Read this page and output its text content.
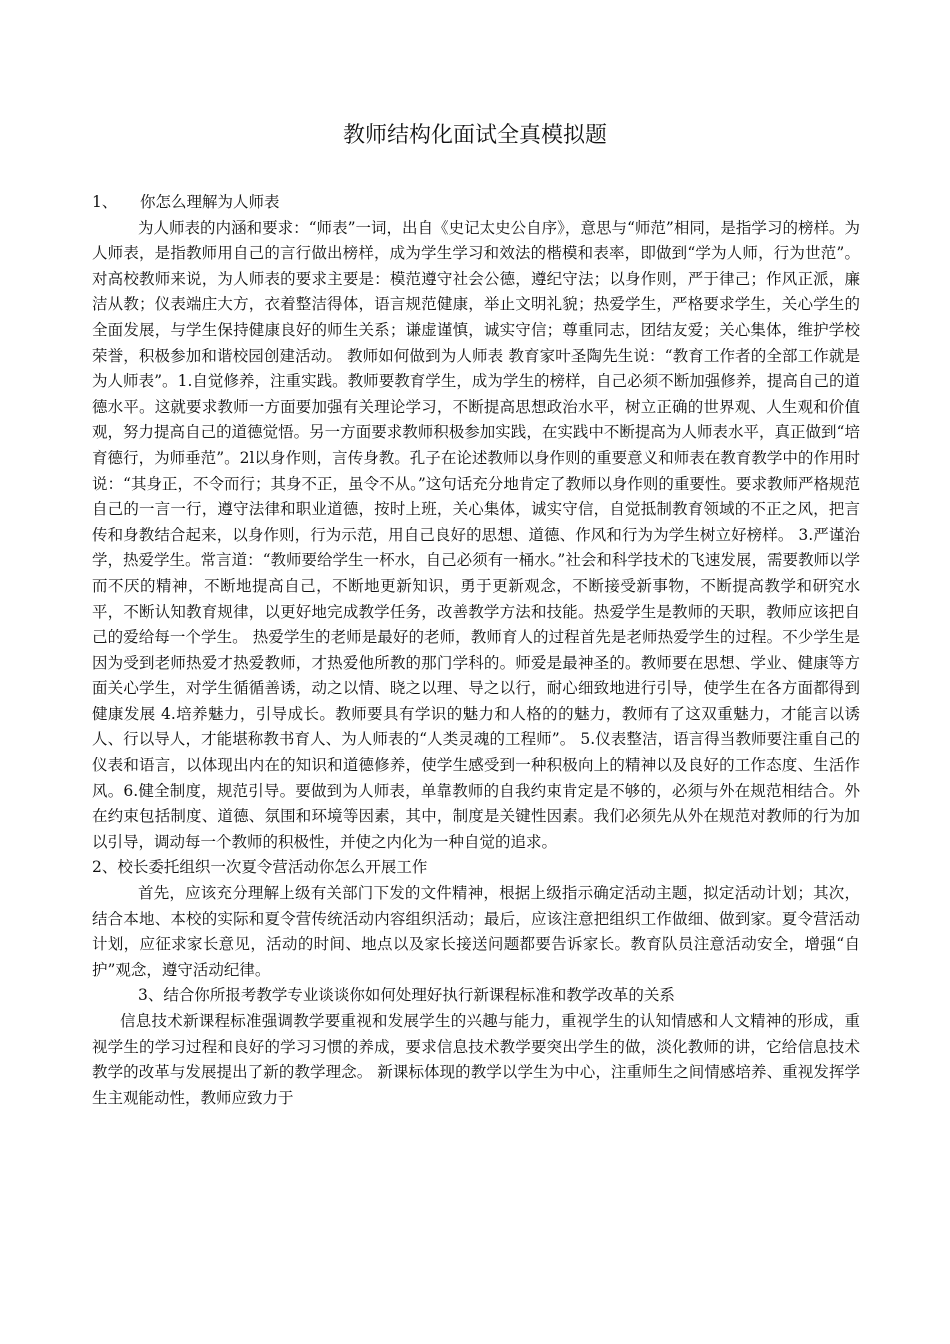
教师结构化面试全真模拟题

1、 你怎么理解为人师表

为人师表的内涵和要求：“师表”一词，出自《史记太史公自序》，意思与“师范”相同，是指学习的榜样。为人师表，是指教师用自己的言行做出榜样，成为学生学习和效法的楷模和表率，即做到“学为人师，行为世范”。对高校教师来说，为人师表的要求主要是：模范遵守社会公德，遵纪守法；以身作则，严于律己；作风正派，廉洁从教；仪表端庄大方，衣着整洁得体，语言规范健康，举止文明礼貌；热爱学生，严格要求学生，关心学生的全面发展，与学生保持健康良好的师生关系；谦虚谨慎，诚实守信；尊重同志，团结友爱；关心集体，维护学校荣誉，积极参加和谐校园创建活动。 教师如何做到为人师表 教育家叶圣陶先生说：“教育工作者的全部工作就是为人师表”。1.自觉修养，注重实践。教师要教育学生，成为学生的榜样，自己必须不断加强修养，提高自己的道德水平。这就要求教师一方面要加强有关理论学习，不断提高思想政治水平，树立正确的世界观、人生观和价值观，努力提高自己的道德觉悟。另一方面要求教师积极参加实践，在实践中不断提高为人师表水平，真正做到“培育德行，为师垂范”。2l以身作则，言传身教。孔子在论述教师以身作则的重要意义和师表在教育教学中的作用时说：“其身正，不令而行；其身不正，虽令不从。”这句话充分地肯定了教师以身作则的重要性。要求教师严格规范自己的一言一行，遵守法律和职业道德，按时上班，关心集体，诚实守信，自觉抵制教育领域的不正之风，把言传和身教结合起来，以身作则，行为示范，用自己良好的思想、道德、作风和行为为学生树立好榜样。 3.严谨治学，热爱学生。常言道：“教师要给学生一杯水，自己必须有一桶水。”社会和科学技术的飞速发展，需要教师以学而不厌的精神，不断地提高自己，不断地更新知识，勇于更新观念，不断接受新事物，不断提高教学和研究水平，不断认知教育规律，以更好地完成教学任务，改善教学方法和技能。热爱学生是教师的天职，教师应该把自己的爱给每一个学生。 热爱学生的老师是最好的老师，教师育人的过程首先是老师热爱学生的过程。不少学生是因为受到老师热爱才热爱教师，才热爱他所教的那门学科的。师爱是最神圣的。教师要在思想、学业、健康等方面关心学生，对学生循循善诱，动之以情、晓之以理、导之以行，耐心细致地进行引导，使学生在各方面都得到健康发展 4.培养魅力，引导成长。教师要具有学识的魅力和人格的的魅力，教师有了这双重魅力，才能言以诱人、行以导人，才能堪称教书育人、为人师表的“人类灵魂的工程师”。 5.仪表整洁，语言得当教师要注重自己的仪表和语言，以体现出内在的知识和道德修养，使学生感受到一种积极向上的精神以及良好的工作态度、生活作风。6.健全制度，规范引导。要做到为人师表，单靠教师的自我约束肯定是不够的，必须与外在规范相结合。外在约束包括制度、道德、氛围和环境等因素，其中，制度是关键性因素。我们必须先从外在规范对教师的行为加以引导，调动每一个教师的积极性，并使之内化为一种自觉的追求。

2、校长委托组织一次夏令营活动你怎么开展工作

首先，应该充分理解上级有关部门下发的文件精神，根据上级指示确定活动主题，拟定活动计划；其次，结合本地、本校的实际和夏令营传统活动内容组织活动；最后，应该注意把组织工作做细、做到家。夏令营活动计划，应征求家长意见，活动的时间、地点以及家长接送问题都要告诉家长。教育队员注意活动安全，增强“自护”观念，遵守活动纪律。

3、结合你所报考教学专业谈谈你如何处理好执行新课程标准和教学改革的关系

信息技术新课程标准强调教学要重视和发展学生的兴趣与能力，重视学生的认知情感和人文精神的形成，重视学生的学习过程和良好的学习习惯的养成，要求信息技术教学要突出学生的做，淡化教师的讲，它给信息技术教学的改革与发展提出了新的教学理念。 新课标体现的教学以学生为中心，注重师生之间情感培养、重视发挥学生主观能动性，教师应致力于
